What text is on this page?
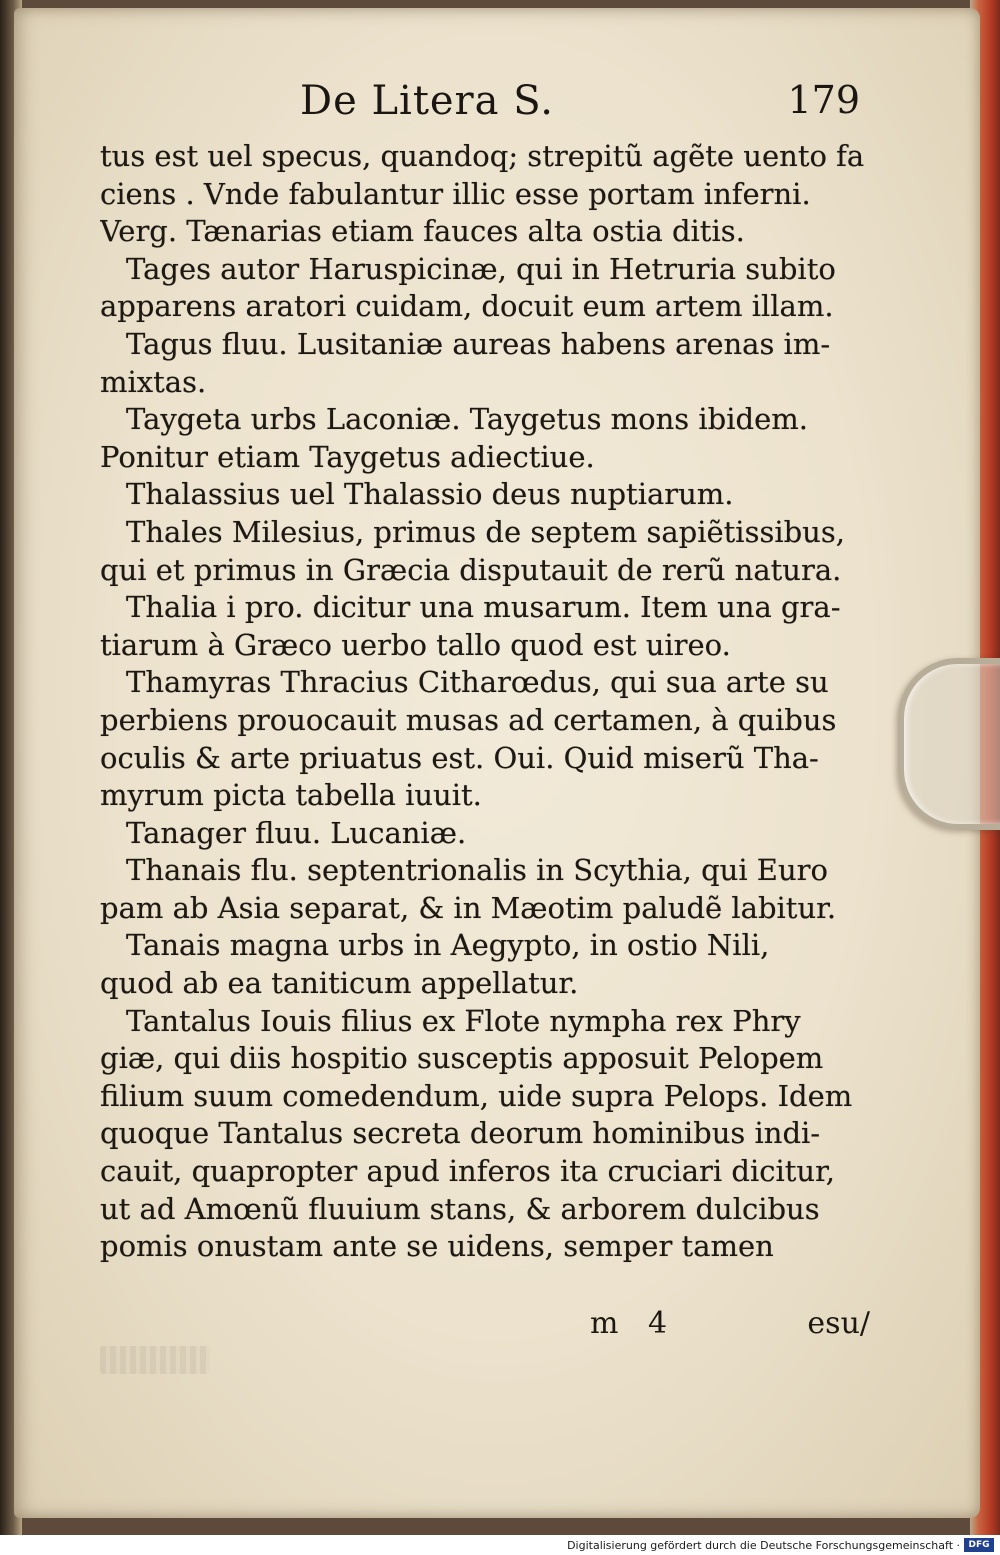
De Litera S.	179
tus est uel specus, quandoq; strepitũ agẽte uento fa
ciens . Vnde fabulantur illic esse portam inferni.
Verg. Tænarias etiam fauces alta ostia ditis.
Tages autor Haruspicinæ, qui in Hetruria subito
apparens aratori cuidam, docuit eum artem illam.
Tagus fluu. Lusitaniæ aureas habens arenas im-
mixtas.
Taygeta urbs Laconiæ. Taygetus mons ibidem.
Ponitur etiam Taygetus adiectiue.
Thalassius uel Thalassio deus nuptiarum.
Thales Milesius, primus de septem sapiẽtissibus,
qui et primus in Græcia disputauit de rerũ natura.
Thalia i pro. dicitur una musarum. Item una gra-
tiarum à Græco uerbo tallo quod est uireo.
Thamyras Thracius Citharœdus, qui sua arte su
perbiens prouocauit musas ad certamen, à quibus
oculis & arte priuatus est. Oui. Quid miserũ Tha-
myrum picta tabella iuuit.
Tanager fluu. Lucaniæ.
Thanais flu. septentrionalis in Scythia, qui Euro
pam ab Asia separat, & in Mæotim paludẽ labitur.
Tanais magna urbs in Aegypto, in ostio Nili,
quod ab ea taniticum appellatur.
Tantalus Iouis filius ex Flote nympha rex Phry
giæ, qui diis hospitio susceptis apposuit Pelopem
filium suum comedendum, uide supra Pelops. Idem
quoque Tantalus secreta deorum hominibus indi-
cauit, quapropter apud inferos ita cruciari dicitur,
ut ad Amœnũ fluuium stans, & arborem dulcibus
pomis onustam ante se uidens, semper tamen
m 4	esu/
Digitalisierung gefördert durch die Deutsche Forschungsgemeinschaft · DFG
